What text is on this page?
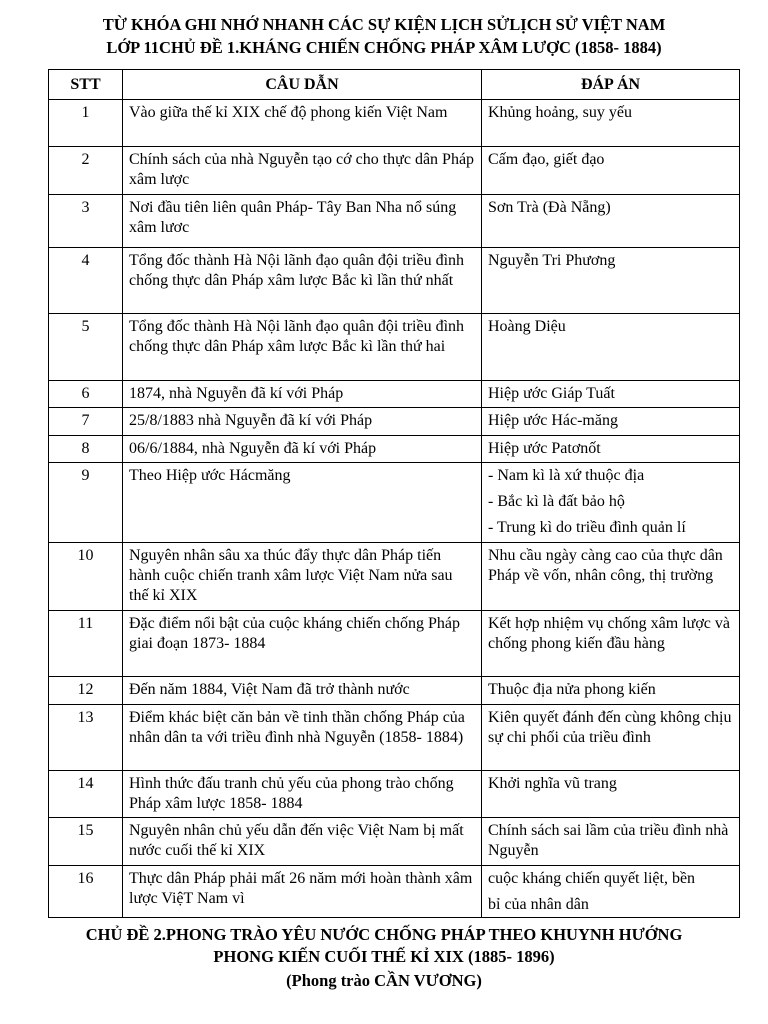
TỪ KHÓA GHI NHỚ NHANH CÁC SỰ KIỆN LỊCH SỬLỊCH SỬ VIỆT NAM
LỚP 11CHỦ ĐỀ 1.KHÁNG CHIẾN CHỐNG PHÁP XÂM LƯỢC (1858- 1884)
STT	CÂU DẪN	ĐÁP ÁN
1	Vào giữa thế kỉ XIX chế độ phong kiến Việt Nam	Khủng hoảng, suy yếu
2	Chính sách của nhà Nguyễn tạo cớ cho thực dân Pháp xâm lược	Cấm đạo, giết đạo
3	Nơi đầu tiên liên quân Pháp- Tây Ban Nha nổ súng xâm lươc	Sơn Trà (Đà Nẵng)
4	Tổng đốc thành Hà Nội lãnh đạo quân đội triều đình chống thực dân Pháp xâm lược Bắc kì lần thứ nhất	Nguyễn Tri Phương
5	Tổng đốc thành Hà Nội lãnh đạo quân đội triều đình chống thực dân Pháp xâm lược Bắc kì lần thứ hai	Hoàng Diệu
6	1874, nhà Nguyễn đã kí với Pháp	Hiệp ước Giáp Tuất
7	25/8/1883 nhà Nguyễn đã kí với Pháp	Hiệp ước Hác-măng
8	06/6/1884, nhà Nguyễn đã kí với Pháp	Hiệp ước Patơnốt
9	Theo Hiệp ước Hácmăng	- Nam kì là xứ thuộc địa
- Bắc kì là đất bảo hộ
- Trung kì do triều đình quản lí

10	Nguyên nhân sâu xa thúc đẩy thực dân Pháp tiến hành cuộc chiến tranh xâm lược Việt Nam nửa sau thế kỉ XIX	Nhu cầu ngày càng cao của thực dân Pháp về vốn, nhân công, thị trường
11	Đặc điểm nổi bật của cuộc kháng chiến chống Pháp giai đoạn 1873- 1884	Kết hợp nhiệm vụ chống xâm lược và chống phong kiến đầu hàng
12	Đến năm 1884, Việt Nam đã trở thành nước	Thuộc địa nửa phong kiến
13	Điểm khác biệt căn bản về tinh thần chống Pháp của nhân dân ta với triều đình nhà Nguyễn (1858- 1884)	Kiên quyết đánh đến cùng không chịu sự chi phối của triều đình
14	Hình thức đấu tranh chủ yếu của phong trào chống Pháp xâm lược 1858- 1884	Khởi nghĩa vũ trang
15	Nguyên nhân chủ yếu dẫn đến việc Việt Nam bị mất nước cuối thế kỉ XIX	Chính sách sai lầm của triều đình nhà Nguyễn
16	Thực dân Pháp phải mất 26 năm mới hoàn thành xâm lược ViệT Nam vì	cuộc kháng chiến quyết liệt, bền
bỉ của nhân dân
CHỦ ĐỀ 2.PHONG TRÀO YÊU NƯỚC CHỐNG PHÁP THEO KHUYNH HƯỚNG
PHONG KIẾN CUỐI THẾ KỈ XIX (1885- 1896)
(Phong trào CẦN VƯƠNG)
